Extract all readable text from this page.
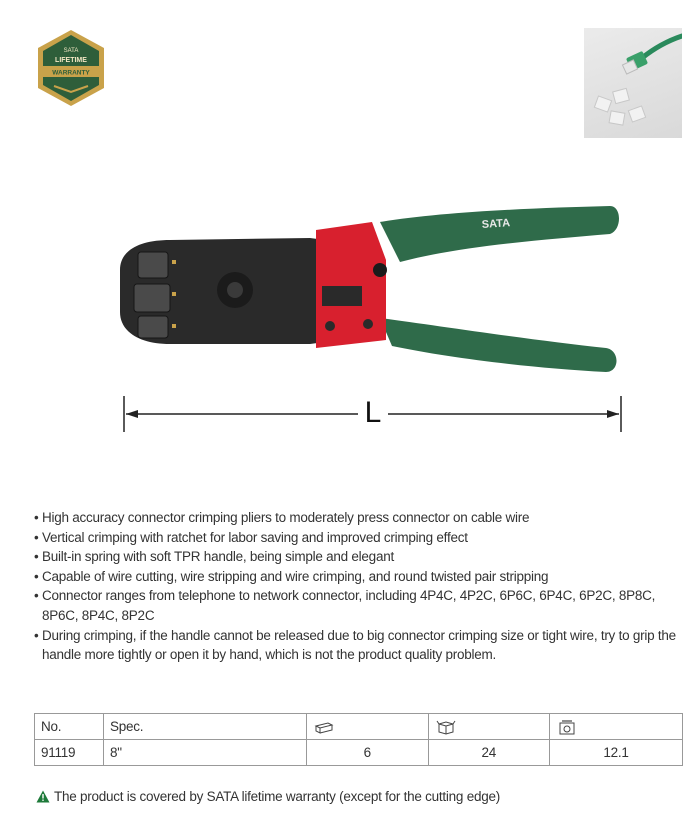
SATA
LIFETIME
WARRANTY
SATA
L
• High accuracy connector crimping pliers to moderately press connector on cable wire
• Vertical crimping with ratchet for labor saving and improved crimping effect
• Built-in spring with soft TPR handle, being simple and elegant
• Capable of wire cutting, wire stripping and wire crimping, and round twisted pair stripping
• Connector ranges from telephone to network connector, including 4P4C, 4P2C, 6P6C, 6P4C, 6P2C, 8P8C, 8P6C, 8P4C, 8P2C
• During crimping, if the handle cannot be released due to big connector crimping size or tight wire, try to grip the handle more tightly or open it by hand, which is not the product quality problem.
No.	Spec.			
91119	8"	6	24	12.1
The product is covered by SATA lifetime warranty (except for the cutting edge)
